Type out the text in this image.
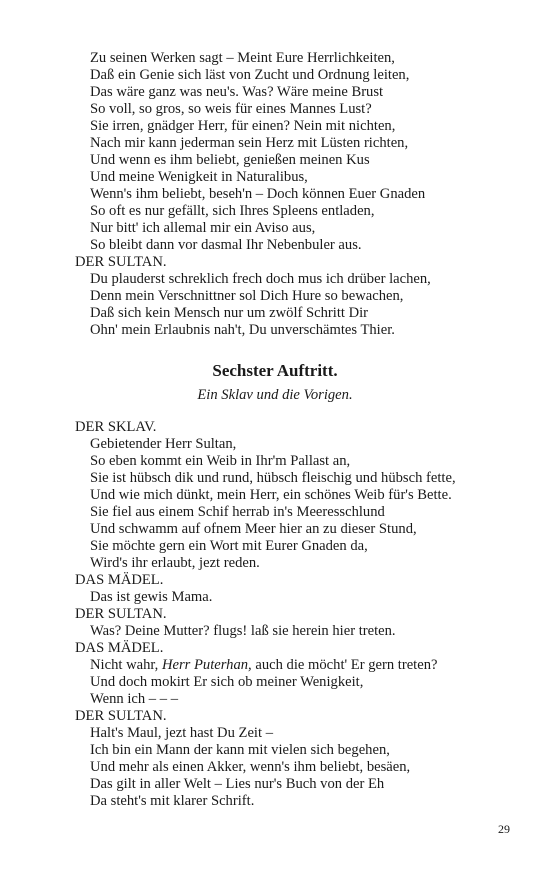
Zu seinen Werken sagt – Meint Eure Herrlichkeiten,
Daß ein Genie sich läst von Zucht und Ordnung leiten,
Das wäre ganz was neu's. Was? Wäre meine Brust
So voll, so gros, so weis für eines Mannes Lust?
Sie irren, gnädger Herr, für einen? Nein mit nichten,
Nach mir kann jederman sein Herz mit Lüsten richten,
Und wenn es ihm beliebt, genießen meinen Kus
Und meine Wenigkeit in Naturalibus,
Wenn's ihm beliebt, beseh'n – Doch können Euer Gnaden
So oft es nur gefällt, sich Ihres Spleens entladen,
Nur bitt' ich allemal mir ein Aviso aus,
So bleibt dann vor dasmal Ihr Nebenbuler aus.
DER SULTAN.
Du plauderst schreklich frech doch mus ich drüber lachen,
Denn mein Verschnittner sol Dich Hure so bewachen,
Daß sich kein Mensch nur um zwölf Schritt Dir
Ohn' mein Erlaubnis nah't, Du unverschämtes Thier.
Sechster Auftritt.
Ein Sklav und die Vorigen.
DER SKLAV.
Gebietender Herr Sultan,
So eben kommt ein Weib in Ihr'm Pallast an,
Sie ist hübsch dik und rund, hübsch fleischig und hübsch fette,
Und wie mich dünkt, mein Herr, ein schönes Weib für's Bette.
Sie fiel aus einem Schif herrab in's Meeresschlund
Und schwamm auf ofnem Meer hier an zu dieser Stund,
Sie möchte gern ein Wort mit Eurer Gnaden da,
Wird's ihr erlaubt, jezt reden.
DAS MÄDEL.
Das ist gewis Mama.
DER SULTAN.
Was? Deine Mutter? flugs! laß sie herein hier treten.
DAS MÄDEL.
Nicht wahr, Herr Puterhan, auch die möcht' Er gern treten?
Und doch mokirt Er sich ob meiner Wenigkeit,
Wenn ich – – –
DER SULTAN.
Halt's Maul, jezt hast Du Zeit –
Ich bin ein Mann der kann mit vielen sich begehen,
Und mehr als einen Akker, wenn's ihm beliebt, besäen,
Das gilt in aller Welt – Lies nur's Buch von der Eh
Da steht's mit klarer Schrift.
29
